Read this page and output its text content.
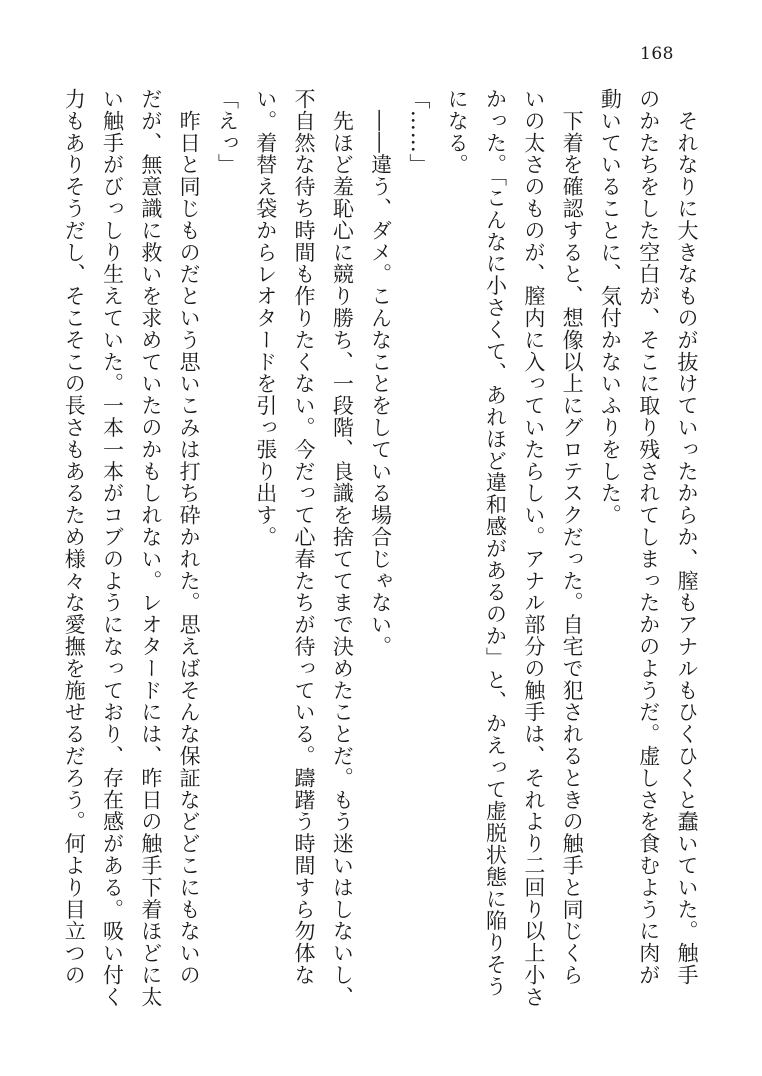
168
　それなりに大きなものが抜けていったからか、膣もアナルもひくひくと蠢いていた。触手
のかたちをした空白が、そこに取り残されてしまったかのようだ。虚しさを食むように肉が
動いていることに、気付かないふりをした。
　下着を確認すると、想像以上にグロテスクだった。自宅で犯されるときの触手と同じくら
いの太さのものが、膣内に入っていたらしい。アナル部分の触手は、それより二回り以上小さ
かった。「こんなに小さくて、あれほど違和感があるのか」と、かえって虚脱状態に陥りそう
になる。
「……」
　――違う、ダメ。こんなことをしている場合じゃない。
　先ほど羞恥心に競り勝ち、一段階、良識を捨ててまで決めたことだ。もう迷いはしないし、
不自然な待ち時間も作りたくない。今だって心春たちが待っている。躊躇う時間すら勿体な
い。着替え袋からレオタードを引っ張り出す。
「えっ」
　昨日と同じものだという思いこみは打ち砕かれた。思えばそんな保証などどこにもないの
だが、無意識に救いを求めていたのかもしれない。レオタードには、昨日の触手下着ほどに太
い触手がびっしり生えていた。一本一本がコブのようになっており、存在感がある。吸い付く
力もありそうだし、そこそこの長さもあるため様々な愛撫を施せるだろう。何より目立つの
